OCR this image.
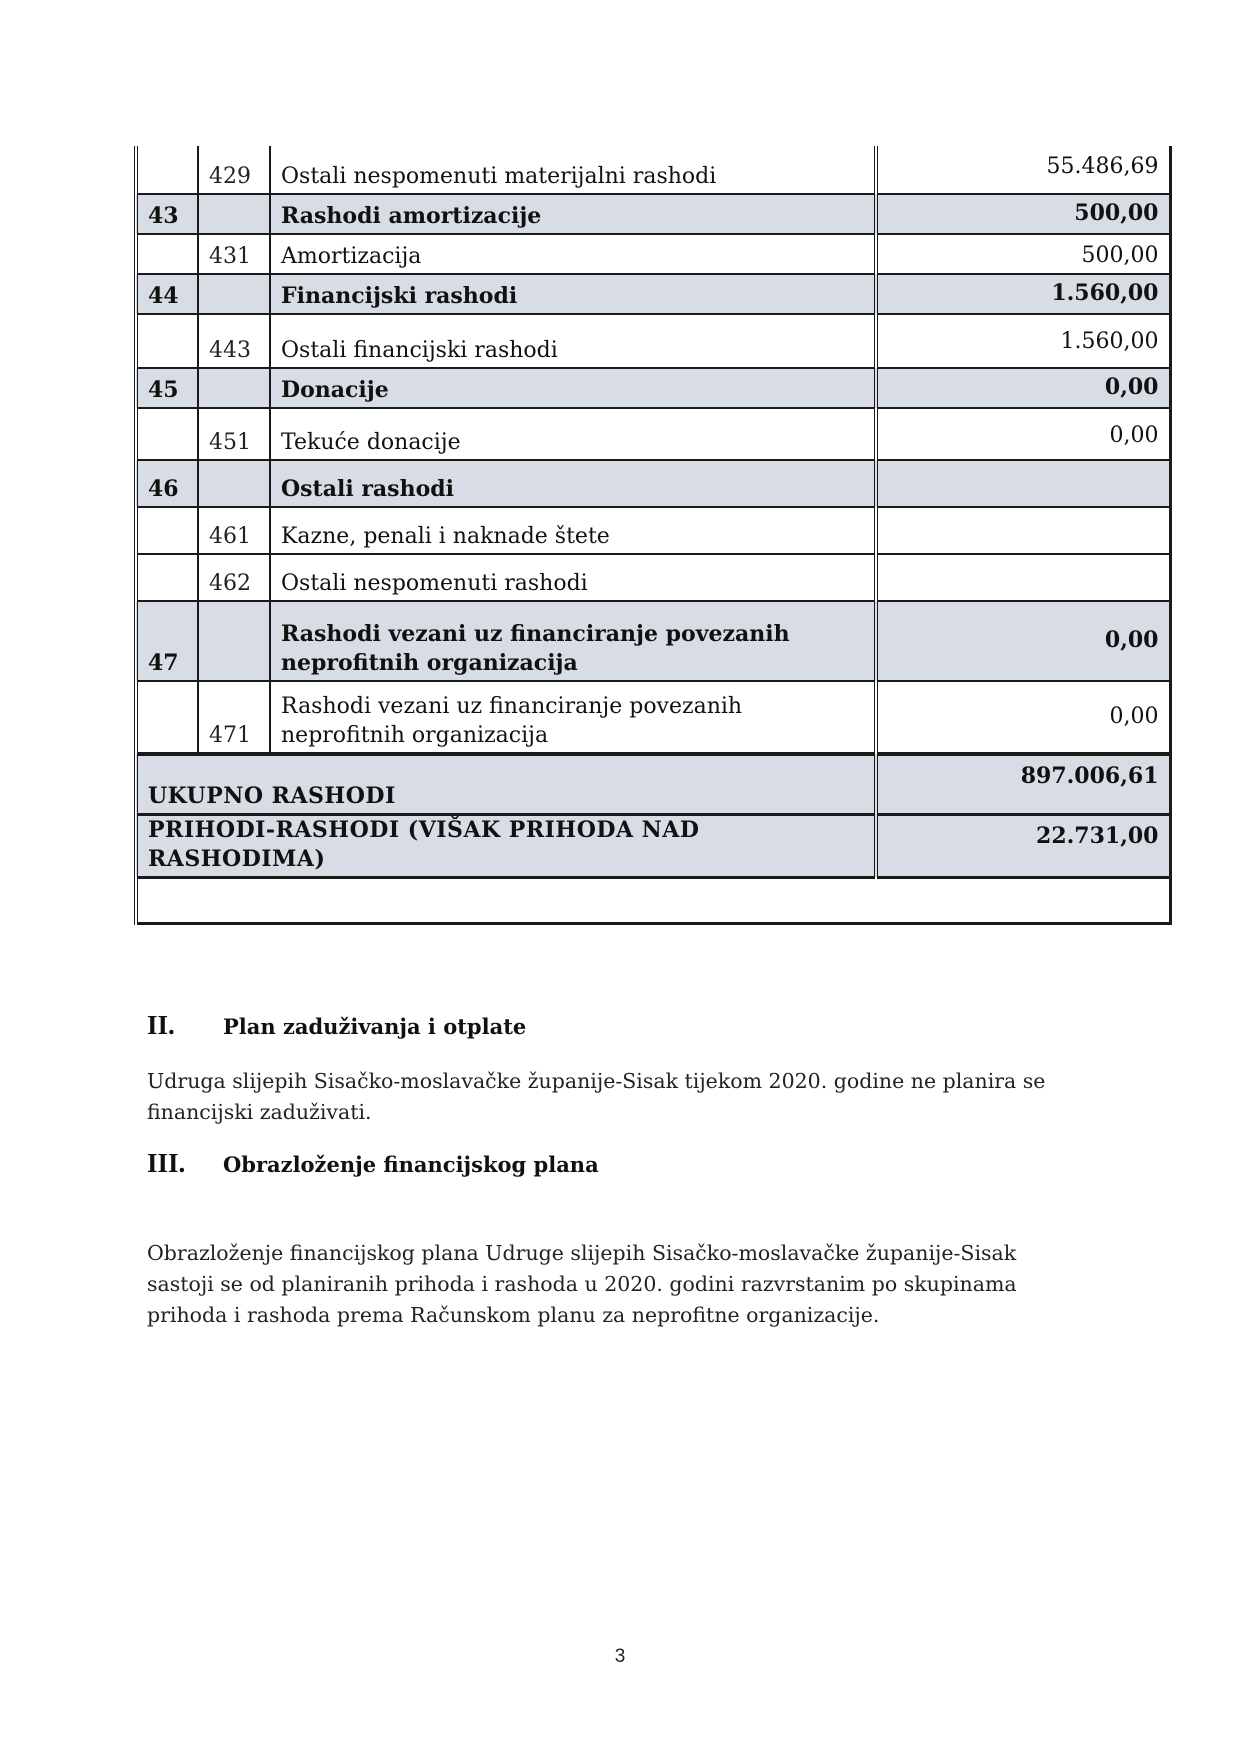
	429	Ostali nespomenuti materijalni rashodi	55.486,69
43		Rashodi amortizacije	500,00
	431	Amortizacija	500,00
44		Financijski rashodi	1.560,00
	443	Ostali financijski rashodi	1.560,00
45		Donacije	0,00
	451	Tekuće donacije	0,00
46		Ostali rashodi	
	461	Kazne, penali i naknade štete	
	462	Ostali nespomenuti rashodi	
47		Rashodi vezani uz financiranje povezanih neprofitnih organizacija	0,00
	471	Rashodi vezani uz financiranje povezanih neprofitnih organizacija	0,00
UKUPNO RASHODI			897.006,61
PRIHODI-RASHODI (VIŠAK PRIHODA NAD RASHODIMA)			22.731,00

II.	Plan zaduživanja i otplate
Udruga slijepih Sisačko-moslavačke županije-Sisak tijekom 2020. godine ne planira se financijski zaduživati.
III.	Obrazloženje financijskog plana
Obrazloženje financijskog plana Udruge slijepih Sisačko-moslavačke županije-Sisak sastoji se od planiranih prihoda i rashoda u 2020. godini razvrstanim po skupinama prihoda i rashoda prema Računskom planu za neprofitne organizacije.
3
